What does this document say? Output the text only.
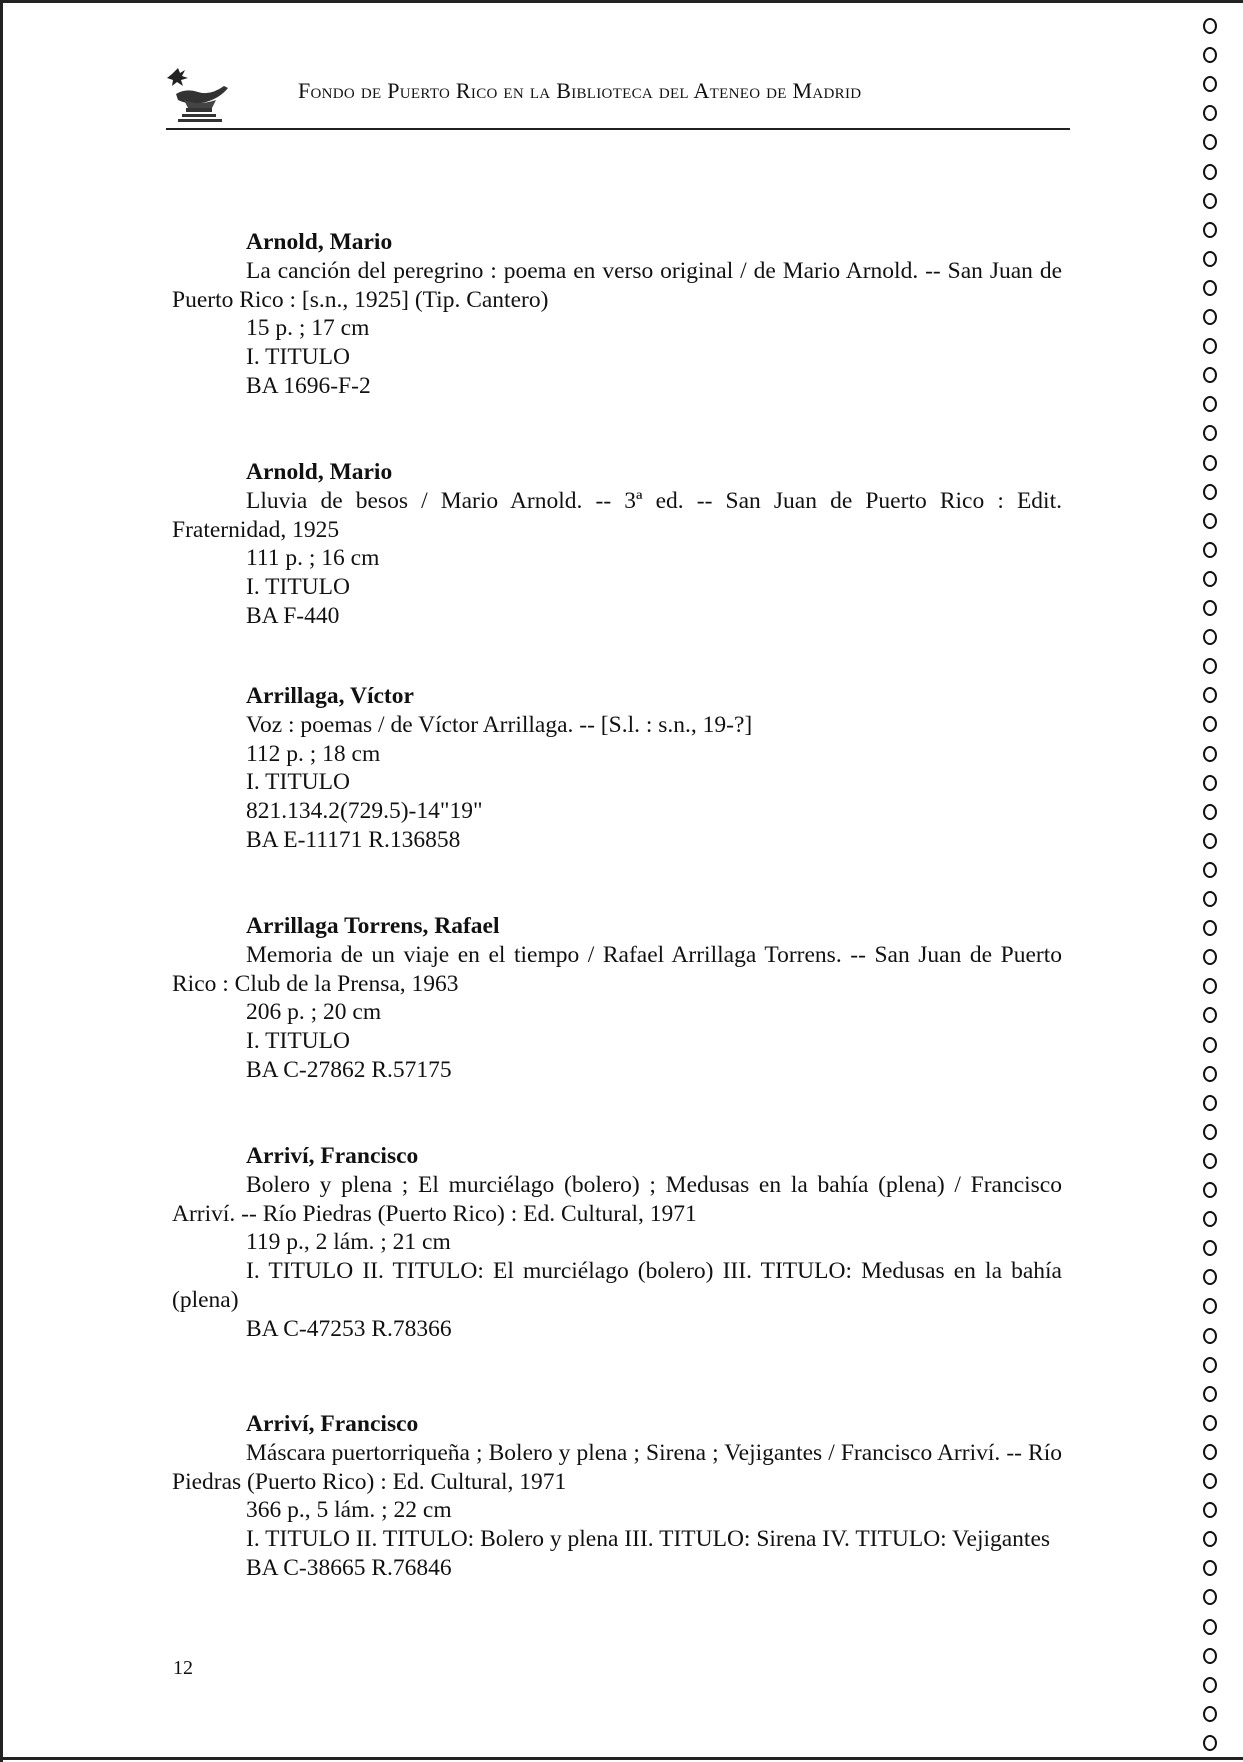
Fondo de Puerto Rico en la Biblioteca del Ateneo de Madrid
Arnold, Mario
La canción del peregrino : poema en verso original / de Mario Arnold. -- San Juan de Puerto Rico : [s.n., 1925] (Tip. Cantero)
15 p. ; 17 cm
I. TITULO
BA 1696-F-2
Arnold, Mario
Lluvia de besos / Mario Arnold. -- 3ª ed. -- San Juan de Puerto Rico : Edit. Fraternidad, 1925
111 p. ; 16 cm
I. TITULO
BA F-440
Arrillaga, Víctor
Voz : poemas / de Víctor Arrillaga. -- [S.l. : s.n., 19-?]
112 p. ; 18 cm
I. TITULO
821.134.2(729.5)-14"19"
BA E-11171 R.136858
Arrillaga Torrens, Rafael
Memoria de un viaje en el tiempo / Rafael Arrillaga Torrens. -- San Juan de Puerto Rico : Club de la Prensa, 1963
206 p. ; 20 cm
I. TITULO
BA C-27862 R.57175
Arriví, Francisco
Bolero y plena ; El murciélago (bolero) ; Medusas en la bahía (plena) / Francisco Arriví. -- Río Piedras (Puerto Rico) : Ed. Cultural, 1971
119 p., 2 lám. ; 21 cm
I. TITULO II. TITULO: El murciélago (bolero) III. TITULO: Medusas en la bahía (plena)
BA C-47253 R.78366
Arriví, Francisco
Máscara puertorriqueña ; Bolero y plena ; Sirena ; Vejigantes / Francisco Arriví. -- Río Piedras (Puerto Rico) : Ed. Cultural, 1971
366 p., 5 lám. ; 22 cm
I. TITULO II. TITULO: Bolero y plena III. TITULO: Sirena IV. TITULO: Vejigantes
BA C-38665 R.76846
12
